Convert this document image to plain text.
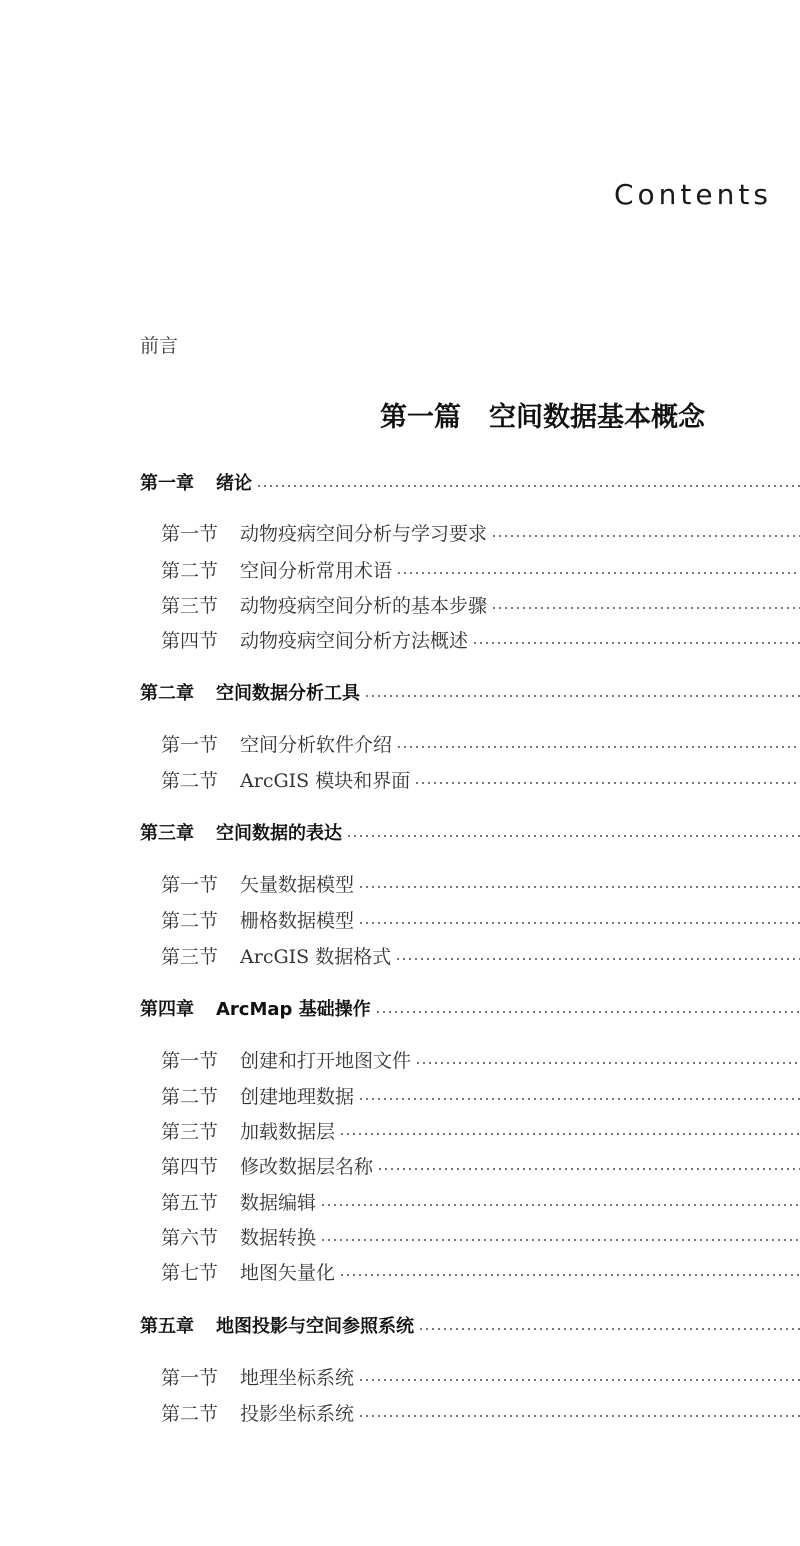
Contents
前言
第一篇 空间数据基本概念
第一章 绪论
第一节 动物疫病空间分析与学习要求
第二节 空间分析常用术语
第三节 动物疫病空间分析的基本步骤
第四节 动物疫病空间分析方法概述
第二章 空间数据分析工具
第一节 空间分析软件介绍
第二节 ArcGIS 模块和界面
第三章 空间数据的表达
第一节 矢量数据模型
第二节 栅格数据模型
第三节 ArcGIS 数据格式
第四章 ArcMap 基础操作
第一节 创建和打开地图文件
第二节 创建地理数据
第三节 加载数据层
第四节 修改数据层名称
第五节 数据编辑
第六节 数据转换
第七节 地图矢量化
第五章 地图投影与空间参照系统
第一节 地理坐标系统
第二节 投影坐标系统
